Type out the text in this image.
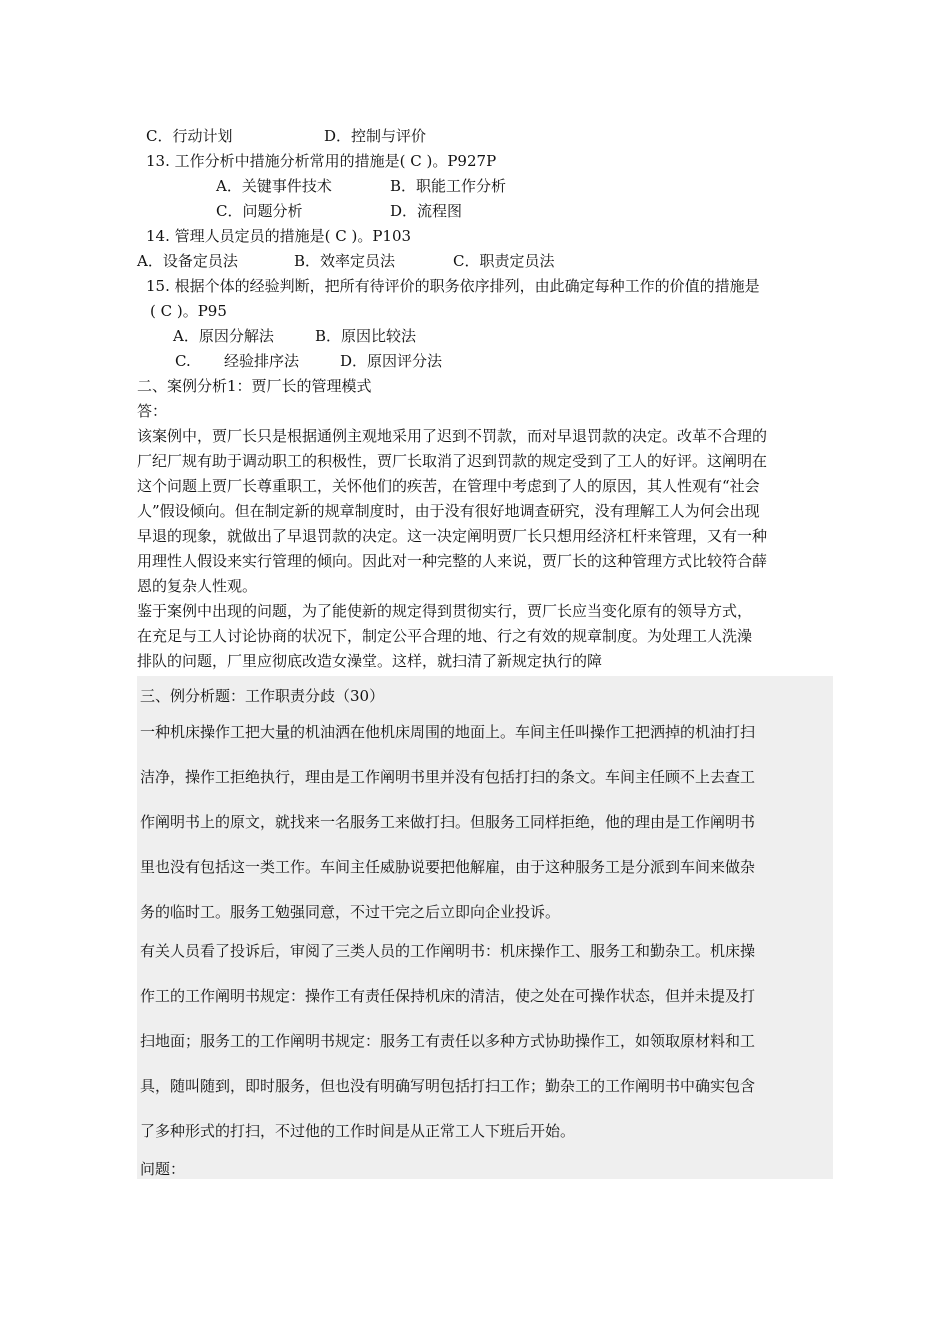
C．行动计划	D．控制与评价
13. 工作分析中措施分析常用的措施是( C )。P927P
A．关键事件技术	B．职能工作分析
C．问题分析	D．流程图
14. 管理人员定员的措施是( C )。P103
A．设备定员法	B．效率定员法	C．职责定员法
15. 根据个体的经验判断，把所有待评价的职务依序排列，由此确定每种工作的价值的措施是
( C )。P95
A．原因分解法	B．原因比较法
C. 经验排序法	D．原因评分法
二、案例分析1：贾厂长的管理模式
答：
该案例中，贾厂长只是根据通例主观地采用了迟到不罚款，而对早退罚款的决定。改革不合理的
厂纪厂规有助于调动职工的积极性，贾厂长取消了迟到罚款的规定受到了工人的好评。这阐明在
这个问题上贾厂长尊重职工，关怀他们的疾苦，在管理中考虑到了人的原因，其人性观有“社会
人”假设倾向。但在制定新的规章制度时，由于没有很好地调查研究，没有理解工人为何会出现
早退的现象，就做出了早退罚款的决定。这一决定阐明贾厂长只想用经济杠杆来管理，又有一种
用理性人假设来实行管理的倾向。因此对一种完整的人来说，贾厂长的这种管理方式比较符合薛
恩的复杂人性观。
鉴于案例中出现的问题，为了能使新的规定得到贯彻实行，贾厂长应当变化原有的领导方式，
在充足与工人讨论协商的状况下，制定公平合理的地、行之有效的规章制度。为处理工人洗澡
排队的问题，厂里应彻底改造女澡堂。这样，就扫清了新规定执行的障
三、例分析题：工作职责分歧（30）
一种机床操作工把大量的机油洒在他机床周围的地面上。车间主任叫操作工把洒掉的机油打扫
洁净，操作工拒绝执行，理由是工作阐明书里并没有包括打扫的条文。车间主任顾不上去查工
作阐明书上的原文，就找来一名服务工来做打扫。但服务工同样拒绝，他的理由是工作阐明书
里也没有包括这一类工作。车间主任威胁说要把他解雇，由于这种服务工是分派到车间来做杂
务的临时工。服务工勉强同意，不过干完之后立即向企业投诉。
有关人员看了投诉后，审阅了三类人员的工作阐明书：机床操作工、服务工和勤杂工。机床操
作工的工作阐明书规定：操作工有责任保持机床的清洁，使之处在可操作状态，但并未提及打
扫地面；服务工的工作阐明书规定：服务工有责任以多种方式协助操作工，如领取原材料和工
具，随叫随到，即时服务，但也没有明确写明包括打扫工作；勤杂工的工作阐明书中确实包含
了多种形式的打扫，不过他的工作时间是从正常工人下班后开始。
问题：
